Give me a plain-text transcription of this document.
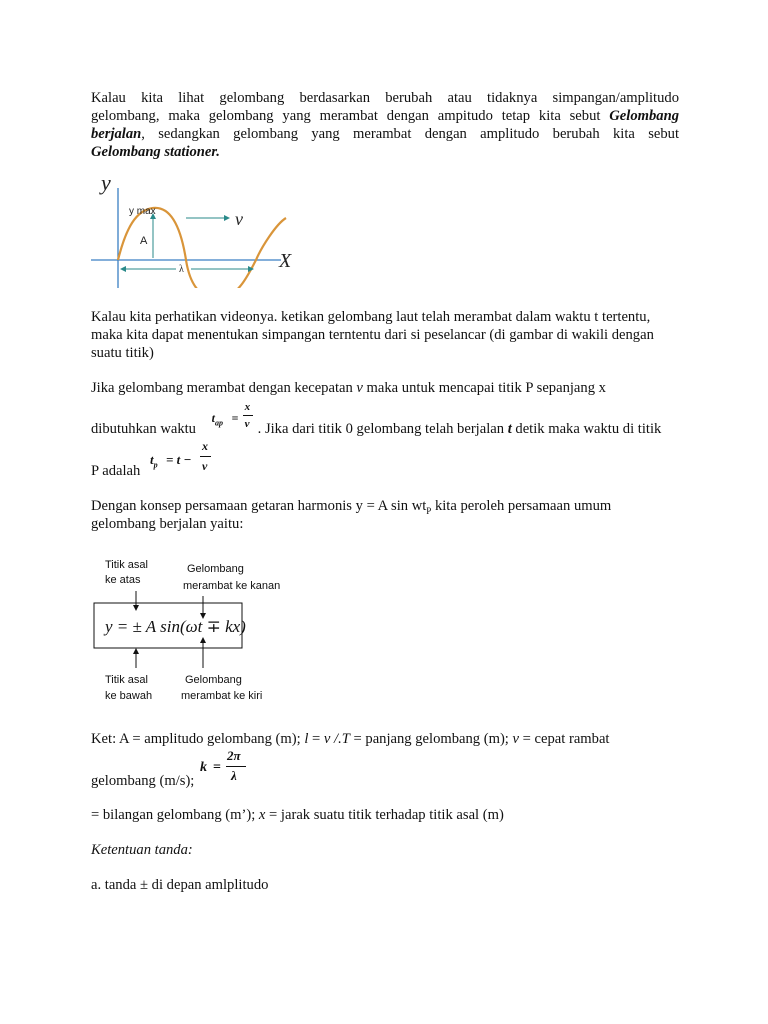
Kalau kita lihat gelombang berdasarkan berubah atau tidaknya simpangan/amplitudo
gelombang, maka gelombang yang merambat dengan ampitudo tetap kita sebut Gelombang
berjalan, sedangkan gelombang yang merambat dengan amplitudo berubah kita sebut
Gelombang stationer.
y
X
y max
A
v
λ
Kalau kita perhatikan videonya. ketikan gelombang laut telah merambat dalam waktu t tertentu,
maka kita dapat menentukan simpangan terntentu dari si peselancar (di gambar di wakili dengan
suatu titik)
Jika gelombang merambat dengan kecepatan v maka untuk mencapai titik P sepanjang x
dibutuhkan waktu
$t_{ap}$ =
x
v . Jika dari titik 0 gelombang telah berjalan t detik maka waktu di titik
P adalah
$t_p = t$ −
x
v
Dengan konsep persamaan getaran harmonis y = A $\sin wt_P$ kita peroleh persamaan umum
gelombang berjalan yaitu:
Titik asal
ke atas
Gelombang
merambat ke kanan
y = ± A sin(ωt ∓ kx)
Titik asal
ke bawah
Gelombang
merambat ke kiri
Ket: A = amplitudo gelombang (m); l = v /.T = panjang gelombang (m); v = cepat rambat
k =
2π
λ
gelombang (m/s);
= bilangan gelombang (m’); x = jarak suatu titik terhadap titik asal (m)
Ketentuan tanda:
a. tanda ± di depan amlplitudo
